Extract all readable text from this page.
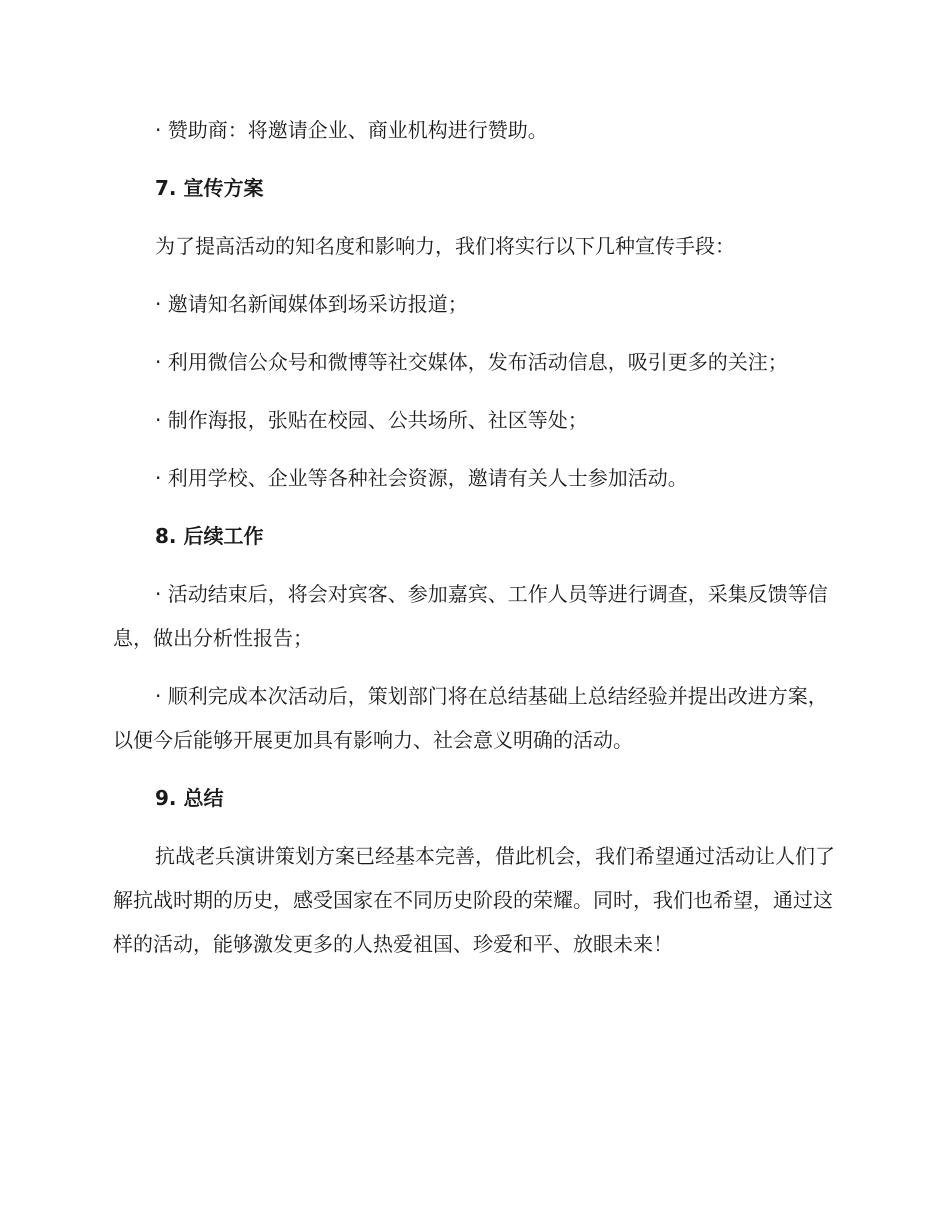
· 赞助商：将邀请企业、商业机构进行赞助。

7. 宣传方案

为了提高活动的知名度和影响力，我们将实行以下几种宣传手段：

· 邀请知名新闻媒体到场采访报道；

· 利用微信公众号和微博等社交媒体，发布活动信息，吸引更多的关注；

· 制作海报，张贴在校园、公共场所、社区等处；

· 利用学校、企业等各种社会资源，邀请有关人士参加活动。

8. 后续工作

· 活动结束后，将会对宾客、参加嘉宾、工作人员等进行调查，采集反馈等信息，做出分析性报告；

· 顺利完成本次活动后，策划部门将在总结基础上总结经验并提出改进方案，以便今后能够开展更加具有影响力、社会意义明确的活动。

9. 总结

抗战老兵演讲策划方案已经基本完善，借此机会，我们希望通过活动让人们了解抗战时期的历史，感受国家在不同历史阶段的荣耀。同时，我们也希望，通过这样的活动，能够激发更多的人热爱祖国、珍爱和平、放眼未来！
